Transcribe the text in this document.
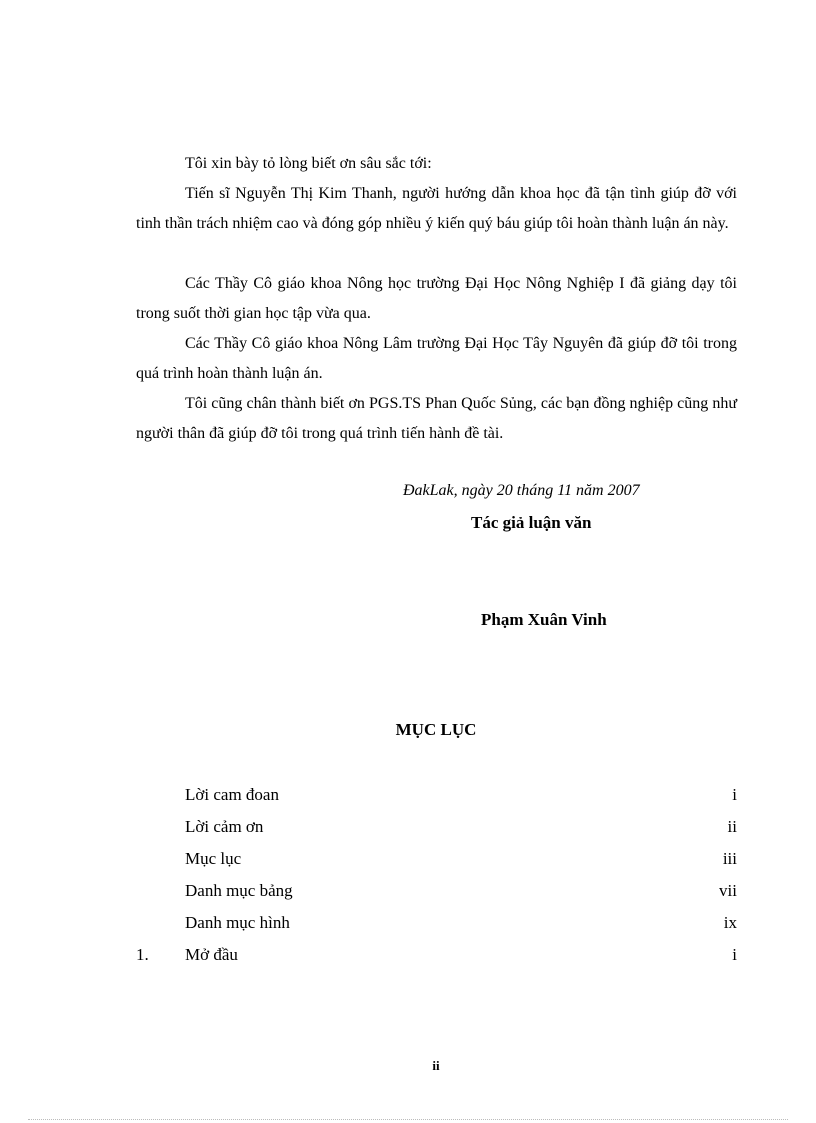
Tôi xin bày tỏ lòng biết ơn sâu sắc tới:

Tiến sĩ Nguyễn Thị Kim Thanh, người hướng dẫn khoa học đã tận tình giúp đỡ với tinh thần trách nhiệm cao và đóng góp nhiều ý kiến quý báu giúp tôi hoàn thành luận án này.

Các Thầy Cô giáo khoa Nông học trường Đại Học Nông Nghiệp I đã giảng dạy tôi trong suốt thời gian học tập vừa qua.

Các Thầy Cô giáo khoa Nông Lâm trường Đại Học Tây Nguyên đã giúp đỡ tôi trong quá trình hoàn thành luận án.

Tôi cũng chân thành biết ơn PGS.TS Phan Quốc Sủng, các bạn đồng nghiệp cũng như người thân đã giúp đỡ tôi trong quá trình tiến hành đề tài.

ĐakLak, ngày 20 tháng 11 năm 2007
Tác giả luận văn
Phạm Xuân Vinh
MỤC LỤC
Lời cam đoan	i
Lời cảm ơn	ii
Mục lục	iii
Danh mục bảng	vii
Danh mục hình	ix
1. Mở đầu	i
ii
